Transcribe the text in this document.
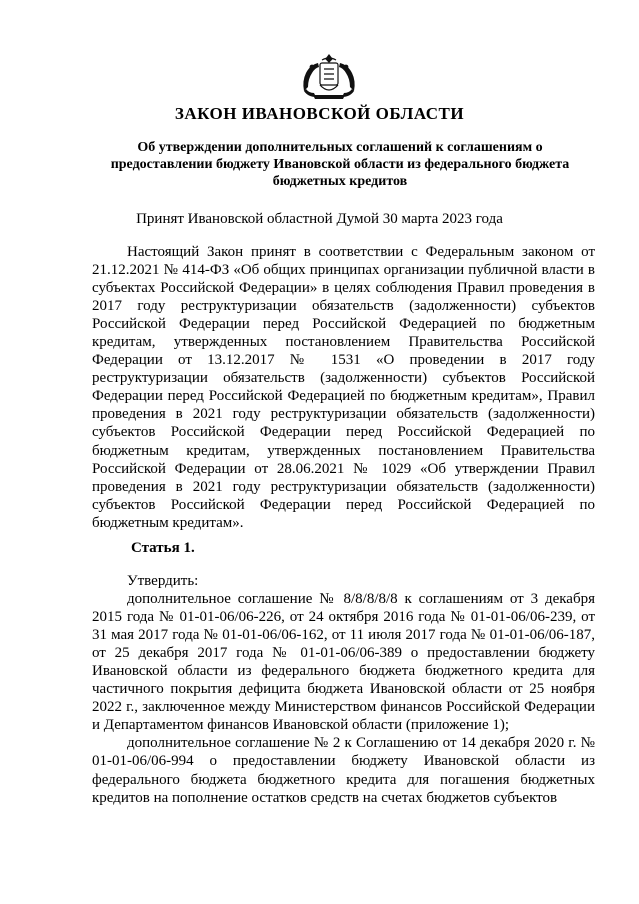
ЗАКОН ИВАНОВСКОЙ ОБЛАСТИ
Об утверждении дополнительных соглашений к соглашениям о предоставлении бюджету Ивановской области из федерального бюджета бюджетных кредитов
Принят Ивановской областной Думой 30 марта 2023 года

Настоящий Закон принят в соответствии с Федеральным законом от 21.12.2021 № 414-ФЗ «Об общих принципах организации публичной власти в субъектах Российской Федерации» в целях соблюдения Правил проведения в 2017 году реструктуризации обязательств (задолженности) субъектов Российской Федерации перед Российской Федерацией по бюджетным кредитам, утвержденных постановлением Правительства Российской Федерации от 13.12.2017 № 1531 «О проведении в 2017 году реструктуризации обязательств (задолженности) субъектов Российской Федерации перед Российской Федерацией по бюджетным кредитам», Правил проведения в 2021 году реструктуризации обязательств (задолженности) субъектов Российской Федерации перед Российской Федерацией по бюджетным кредитам, утвержденных постановлением Правительства Российской Федерации от 28.06.2021 № 1029 «Об утверждении Правил проведения в 2021 году реструктуризации обязательств (задолженности) субъектов Российской Федерации перед Российской Федерацией по бюджетным кредитам».

Статья 1.

Утвердить:

дополнительное соглашение № 8/8/8/8/8 к соглашениям от 3 декабря 2015 года № 01-01-06/06-226, от 24 октября 2016 года № 01-01-06/06-239, от 31 мая 2017 года № 01-01-06/06-162, от 11 июля 2017 года № 01-01-06/06-187, от 25 декабря 2017 года № 01-01-06/06-389 о предоставлении бюджету Ивановской области из федерального бюджета бюджетного кредита для частичного покрытия дефицита бюджета Ивановской области от 25 ноября 2022 г., заключенное между Министерством финансов Российской Федерации и Департаментом финансов Ивановской области (приложение 1);

дополнительное соглашение № 2 к Соглашению от 14 декабря 2020 г. № 01-01-06/06-994 о предоставлении бюджету Ивановской области из федерального бюджета бюджетного кредита для погашения бюджетных кредитов на пополнение остатков средств на счетах бюджетов субъектов
